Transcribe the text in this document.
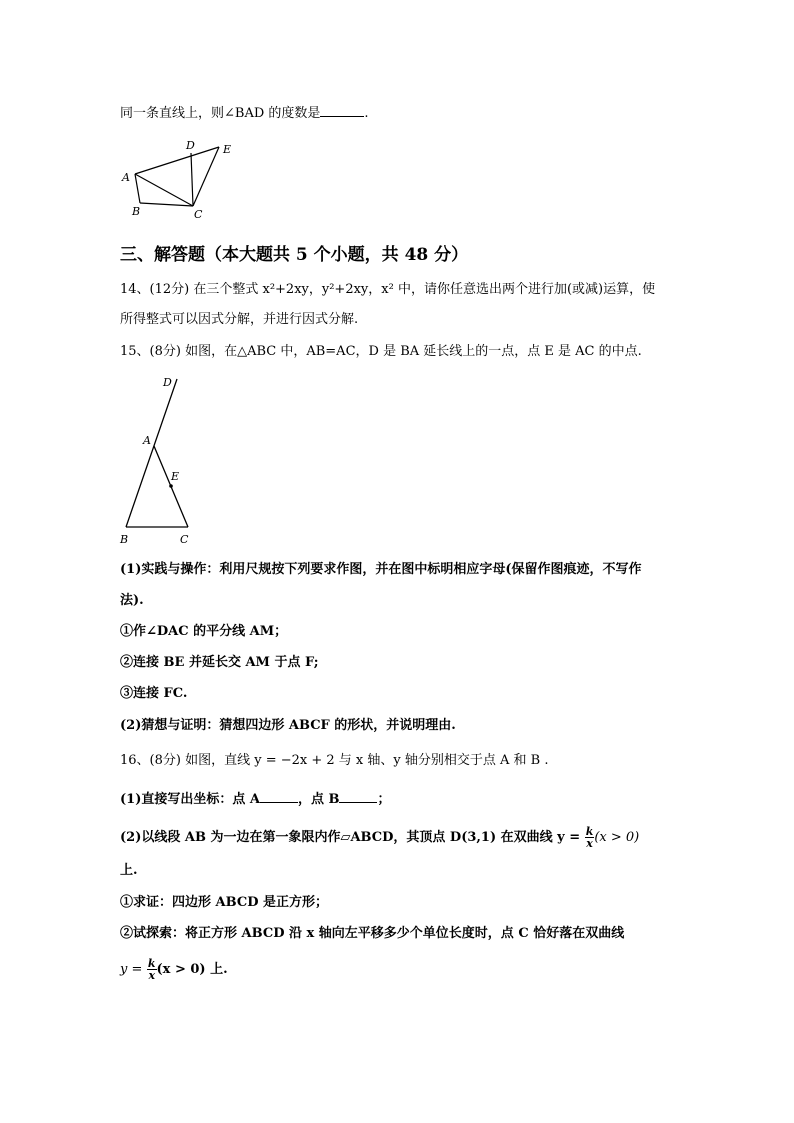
同一条直线上，则∠BAD 的度数是	.
D	E
A
B	C
三、解答题（本大题共 5 个小题，共 48 分）
14、(12分) 在三个整式 x²+2xy，y²+2xy，x² 中，请你任意选出两个进行加(或减)运算，使
所得整式可以因式分解，并进行因式分解.
15、(8分) 如图，在△ABC 中，AB=AC，D 是 BA 延长线上的一点，点 E 是 AC 的中点.
D
A
E
B	C
(1)实践与操作：利用尺规按下列要求作图，并在图中标明相应字母(保留作图痕迹，不写作
法).
①作∠DAC 的平分线 AM；
②连接 BE 并延长交 AM 于点 F;
③连接 FC.
(2)猜想与证明：猜想四边形 ABCF 的形状，并说明理由.
16、(8分) 如图，直线 y = −2x + 2 与 x 轴、y 轴分别相交于点 A 和 B .
(1)直接写出坐标：点 A	，点 B	；
(2)以线段 AB 为一边在第一象限内作▱ABCD，其顶点 D(3,1) 在双曲线 $y = \frac{k}{x} (x > 0)$
上.
①求证：四边形 ABCD 是正方形；
②试探索：将正方形 ABCD 沿 x 轴向左平移多少个单位长度时，点 C 恰好落在双曲线
$y = \frac{k}{x} (x > 0)$ 上.
